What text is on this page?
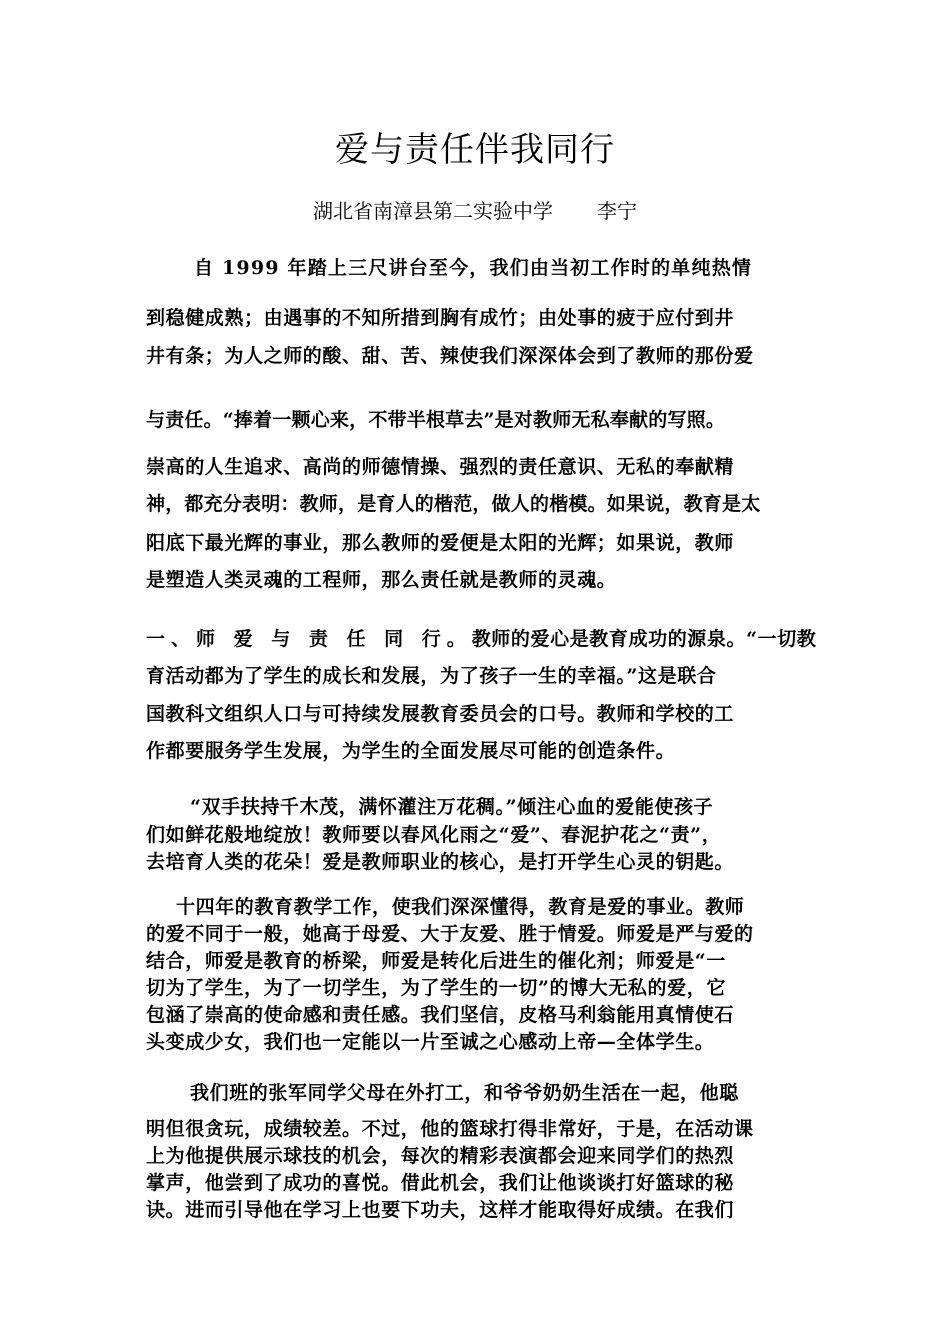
爱与责任伴我同行
湖北省南漳县第二实验中学 李宁
自 1999 年踏上三尺讲台至今，我们由当初工作时的单纯热情
到稳健成熟；由遇事的不知所措到胸有成竹；由处事的疲于应付到井
井有条；为人之师的酸、甜、苦、辣使我们深深体会到了教师的那份爱
与责任。“捧着一颗心来，不带半根草去”是对教师无私奉献的写照。
崇高的人生追求、高尚的师德情操、强烈的责任意识、无私的奉献精
神，都充分表明：教师，是育人的楷范，做人的楷模。如果说，教育是太
阳底下最光辉的事业，那么教师的爱便是太阳的光辉；如果说，教师
是塑造人类灵魂的工程师，那么责任就是教师的灵魂。
一、师 爱 与 责 任 同 行。教师的爱心是教育成功的源泉。“一切教
育活动都为了学生的成长和发展，为了孩子一生的幸福。”这是联合
国教科文组织人口与可持续发展教育委员会的口号。教师和学校的工
作都要服务学生发展，为学生的全面发展尽可能的创造条件。
“双手扶持千木茂，满怀灌注万花稠。”倾注心血的爱能使孩子
们如鲜花般地绽放！教师要以春风化雨之“爱”、春泥护花之“责”，
去培育人类的花朵！爱是教师职业的核心，是打开学生心灵的钥匙。
十四年的教育教学工作，使我们深深懂得，教育是爱的事业。教师
的爱不同于一般，她高于母爱、大于友爱、胜于情爱。师爱是严与爱的
结合，师爱是教育的桥梁，师爱是转化后进生的催化剂；师爱是“一
切为了学生，为了一切学生，为了学生的一切”的博大无私的爱，它
包涵了崇高的使命感和责任感。我们坚信，皮格马利翁能用真情使石
头变成少女，我们也一定能以一片至诚之心感动上帝—全体学生。
我们班的张军同学父母在外打工，和爷爷奶奶生活在一起，他聪
明但很贪玩，成绩较差。不过，他的篮球打得非常好，于是，在活动课
上为他提供展示球技的机会，每次的精彩表演都会迎来同学们的热烈
掌声，他尝到了成功的喜悦。借此机会，我们让他谈谈打好篮球的秘
诀。进而引导他在学习上也要下功夫，这样才能取得好成绩。在我们
